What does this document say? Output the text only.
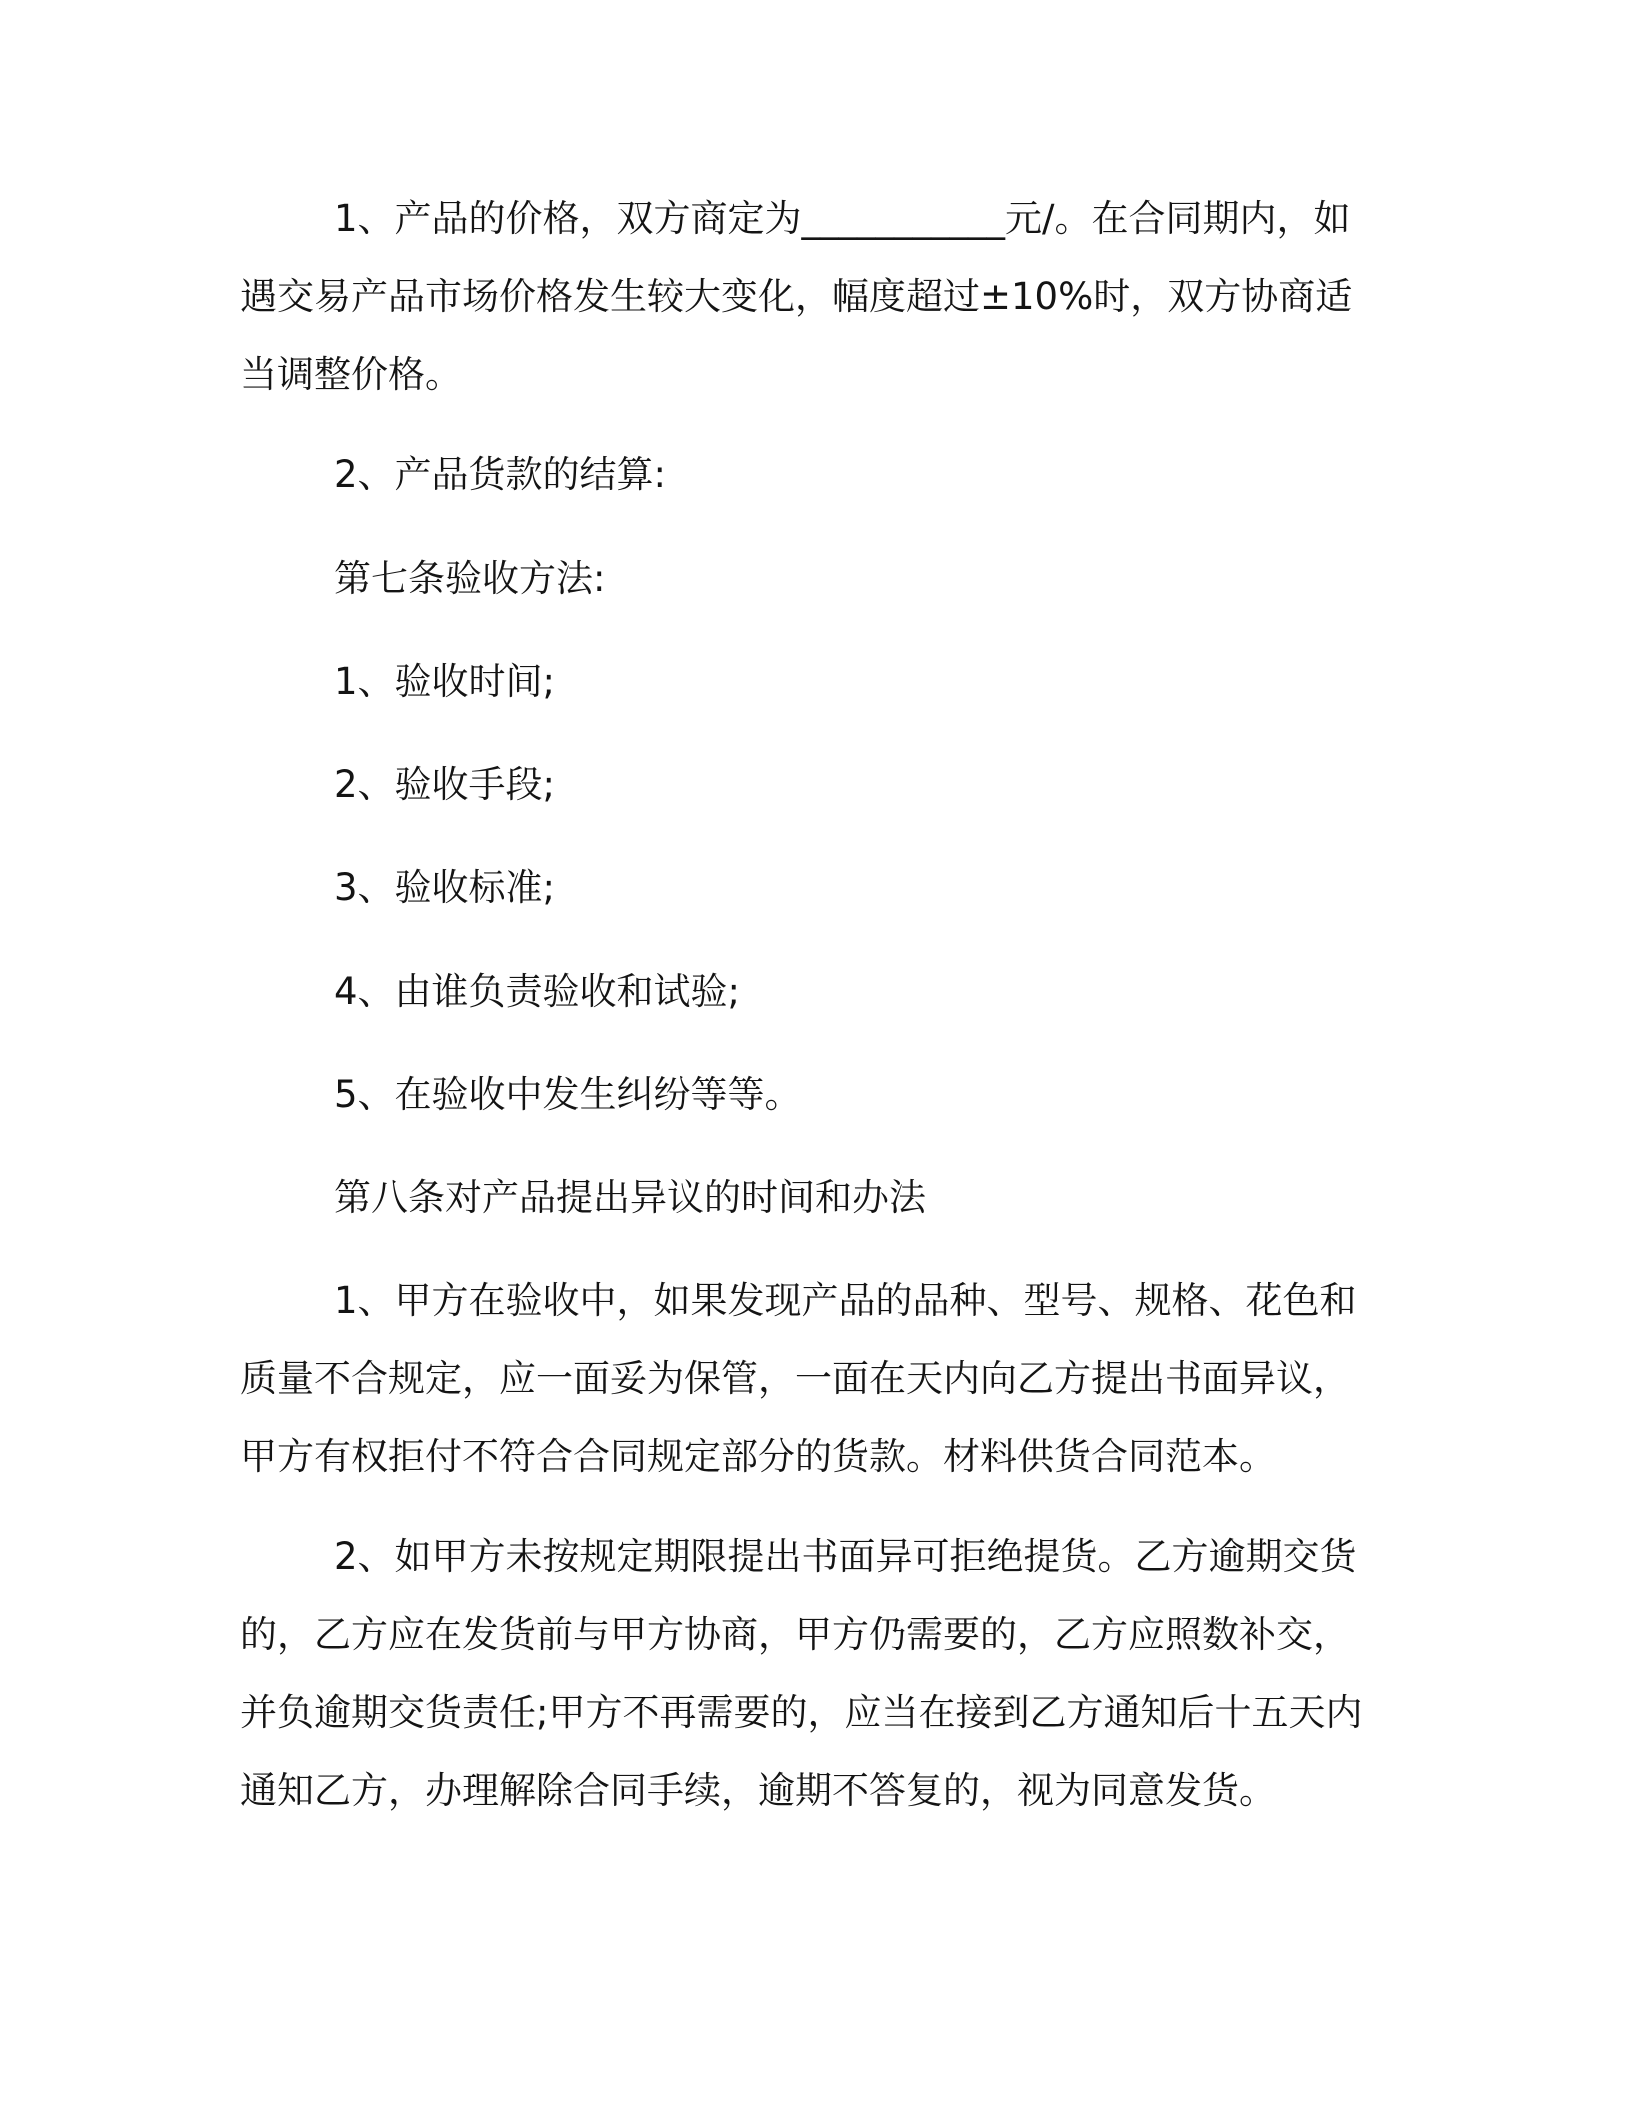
1、产品的价格，双方商定为___________元/。在合同期内，如
遇交易产品市场价格发生较大变化，幅度超过±10%时，双方协商适
当调整价格。
2、产品货款的结算:
第七条验收方法:
1、验收时间;
2、验收手段;
3、验收标准;
4、由谁负责验收和试验;
5、在验收中发生纠纷等等。
第八条对产品提出异议的时间和办法
1、甲方在验收中，如果发现产品的品种、型号、规格、花色和
质量不合规定，应一面妥为保管，一面在天内向乙方提出书面异议，
甲方有权拒付不符合合同规定部分的货款。材料供货合同范本。
2、如甲方未按规定期限提出书面异可拒绝提货。乙方逾期交货
的，乙方应在发货前与甲方协商，甲方仍需要的，乙方应照数补交，
并负逾期交货责任;甲方不再需要的，应当在接到乙方通知后十五天内
通知乙方，办理解除合同手续，逾期不答复的，视为同意发货。
